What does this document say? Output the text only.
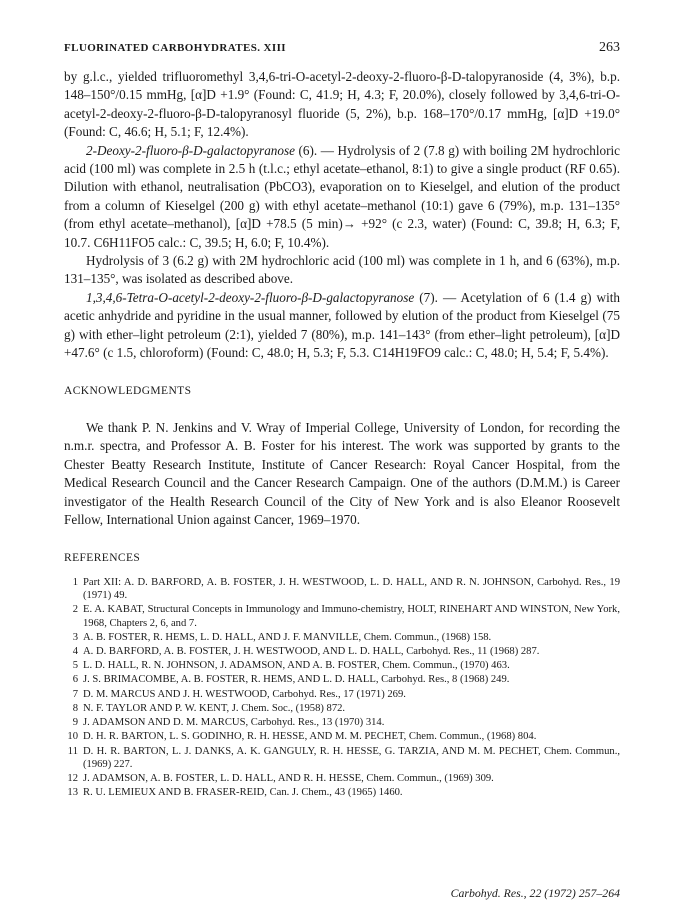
FLUORINATED CARBOHYDRATES. XIII	263

by g.l.c., yielded trifluoromethyl 3,4,6-tri-O-acetyl-2-deoxy-2-fluoro-β-D-talopyranoside (4, 3%), b.p. 148–150°/0.15 mmHg, [α]D +1.9° (Found: C, 41.9; H, 4.3; F, 20.0%), closely followed by 3,4,6-tri-O-acetyl-2-deoxy-2-fluoro-β-D-talopyranosyl fluoride (5, 2%), b.p. 168–170°/0.17 mmHg, [α]D +19.0° (Found: C, 46.6; H, 5.1; F, 12.4%).

2-Deoxy-2-fluoro-β-D-galactopyranose (6). — Hydrolysis of 2 (7.8 g) with boiling 2M hydrochloric acid (100 ml) was complete in 2.5 h (t.l.c.; ethyl acetate–ethanol, 8:1) to give a single product (RF 0.65). Dilution with ethanol, neutralisation (PbCO3), evaporation on to Kieselgel, and elution of the product from a column of Kieselgel (200 g) with ethyl acetate–methanol (10:1) gave 6 (79%), m.p. 131–135° (from ethyl acetate–methanol), [α]D +78.5 (5 min)→ +92° (c 2.3, water) (Found: C, 39.8; H, 6.3; F, 10.7. C6H11FO5 calc.: C, 39.5; H, 6.0; F, 10.4%).

Hydrolysis of 3 (6.2 g) with 2M hydrochloric acid (100 ml) was complete in 1 h, and 6 (63%), m.p. 131–135°, was isolated as described above.

1,3,4,6-Tetra-O-acetyl-2-deoxy-2-fluoro-β-D-galactopyranose (7). — Acetylation of 6 (1.4 g) with acetic anhydride and pyridine in the usual manner, followed by elution of the product from Kieselgel (75 g) with ether–light petroleum (2:1), yielded 7 (80%), m.p. 141–143° (from ether–light petroleum), [α]D +47.6° (c 1.5, chloroform) (Found: C, 48.0; H, 5.3; F, 5.3. C14H19FO9 calc.: C, 48.0; H, 5.4; F, 5.4%).

ACKNOWLEDGMENTS

We thank P. N. Jenkins and V. Wray of Imperial College, University of London, for recording the n.m.r. spectra, and Professor A. B. Foster for his interest. The work was supported by grants to the Chester Beatty Research Institute, Institute of Cancer Research: Royal Cancer Hospital, from the Medical Research Council and the Cancer Research Campaign. One of the authors (D.M.M.) is Career investigator of the Health Research Council of the City of New York and is also Eleanor Roosevelt Fellow, International Union against Cancer, 1969–1970.

REFERENCES
1 Part XII: A. D. BARFORD, A. B. FOSTER, J. H. WESTWOOD, L. D. HALL, AND R. N. JOHNSON, Carbohyd. Res., 19 (1971) 49.
2 E. A. KABAT, Structural Concepts in Immunology and Immuno-chemistry, HOLT, RINEHART AND WINSTON, New York, 1968, Chapters 2, 6, and 7.
3 A. B. FOSTER, R. HEMS, L. D. HALL, AND J. F. MANVILLE, Chem. Commun., (1968) 158.
4 A. D. BARFORD, A. B. FOSTER, J. H. WESTWOOD, AND L. D. HALL, Carbohyd. Res., 11 (1968) 287.
5 L. D. HALL, R. N. JOHNSON, J. ADAMSON, AND A. B. FOSTER, Chem. Commun., (1970) 463.
6 J. S. BRIMACOMBE, A. B. FOSTER, R. HEMS, AND L. D. HALL, Carbohyd. Res., 8 (1968) 249.
7 D. M. MARCUS AND J. H. WESTWOOD, Carbohyd. Res., 17 (1971) 269.
8 N. F. TAYLOR AND P. W. KENT, J. Chem. Soc., (1958) 872.
9 J. ADAMSON AND D. M. MARCUS, Carbohyd. Res., 13 (1970) 314.
10 D. H. R. BARTON, L. S. GODINHO, R. H. HESSE, AND M. M. PECHET, Chem. Commun., (1968) 804.
11 D. H. R. BARTON, L. J. DANKS, A. K. GANGULY, R. H. HESSE, G. TARZIA, AND M. M. PECHET, Chem. Commun., (1969) 227.
12 J. ADAMSON, A. B. FOSTER, L. D. HALL, AND R. H. HESSE, Chem. Commun., (1969) 309.
13 R. U. LEMIEUX AND B. FRASER-REID, Can. J. Chem., 43 (1965) 1460.
Carbohyd. Res., 22 (1972) 257–264
